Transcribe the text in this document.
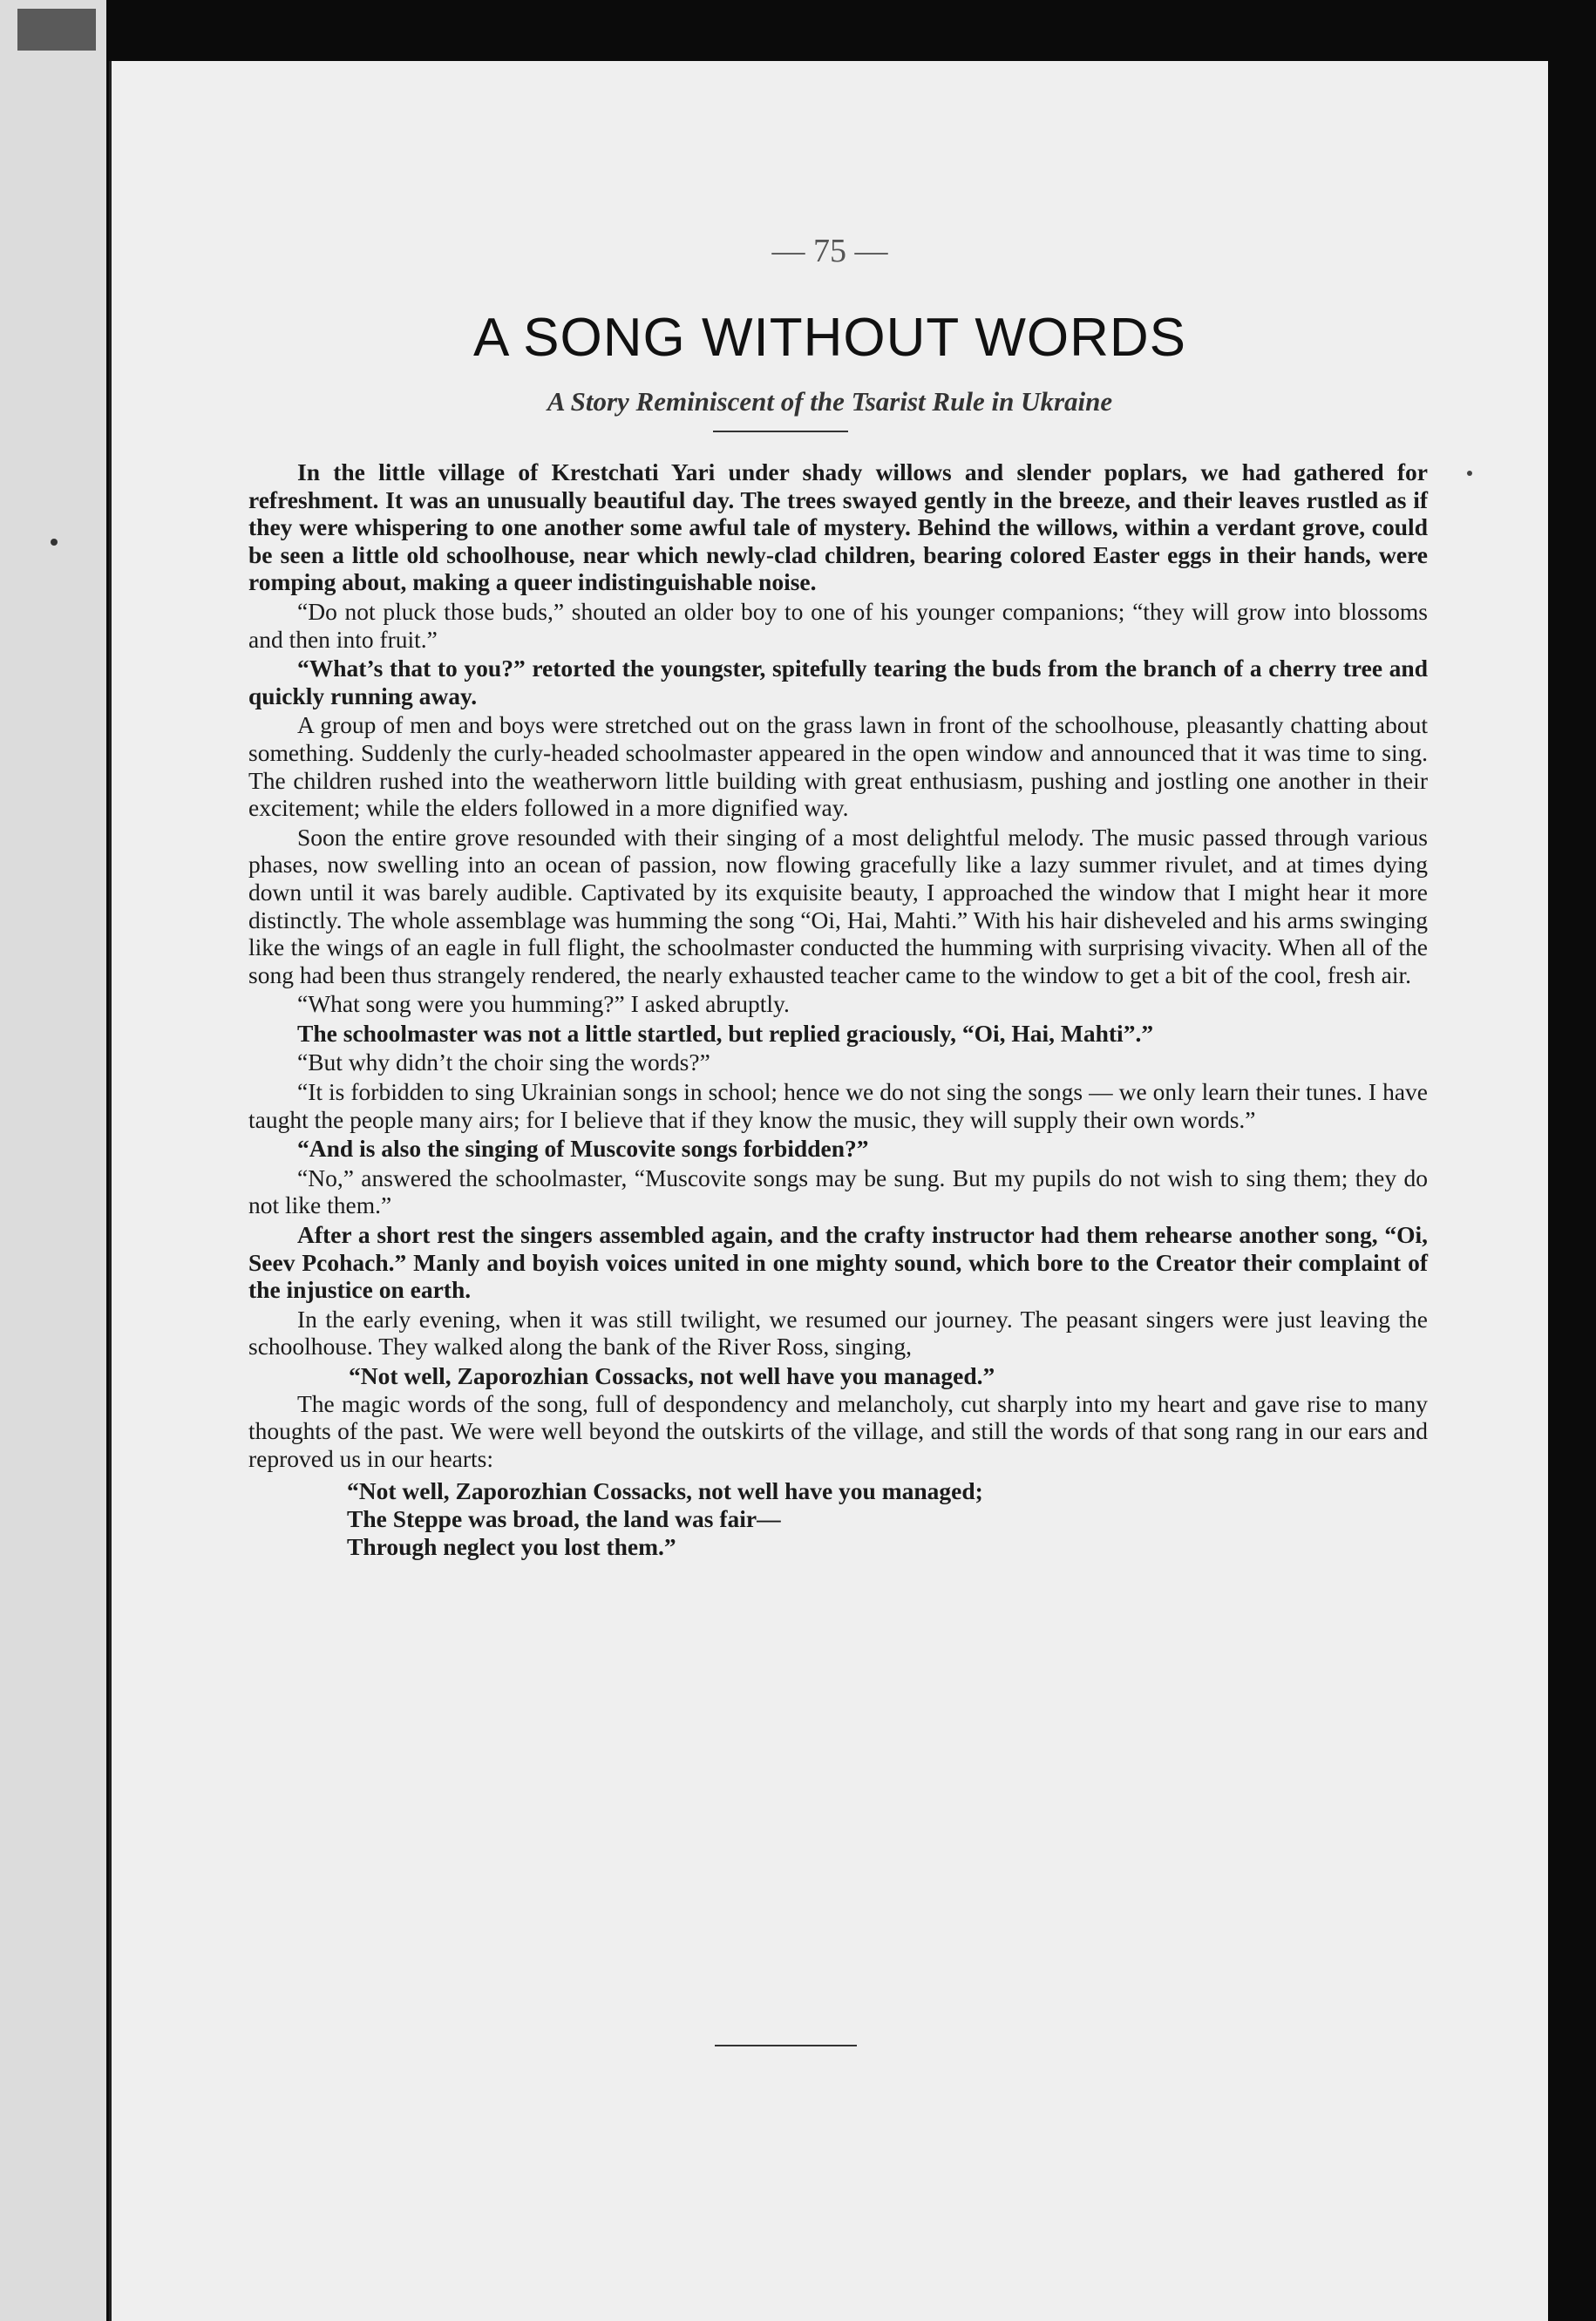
— 75 —
A SONG WITHOUT WORDS
A Story Reminiscent of the Tsarist Rule in Ukraine

In the little village of Krestchati Yari under shady willows and slender poplars, we had gathered for refreshment. It was an unusually beautiful day. The trees swayed gently in the breeze, and their leaves rustled as if they were whispering to one another some awful tale of mystery. Behind the willows, within a verdant grove, could be seen a little old schoolhouse, near which newly-clad children, bearing colored Easter eggs in their hands, were romping about, making a queer indistinguishable noise.

“Do not pluck those buds,” shouted an older boy to one of his younger companions; “they will grow into blossoms and then into fruit.”

“What’s that to you?” retorted the youngster, spitefully tearing the buds from the branch of a cherry tree and quickly running away.

A group of men and boys were stretched out on the grass lawn in front of the schoolhouse, pleasantly chatting about something. Suddenly the curly-headed schoolmaster appeared in the open window and announced that it was time to sing. The children rushed into the weatherworn little building with great enthusiasm, pushing and jostling one another in their excitement; while the elders followed in a more dignified way.

Soon the entire grove resounded with their singing of a most delightful melody. The music passed through various phases, now swelling into an ocean of passion, now flowing gracefully like a lazy summer rivulet, and at times dying down until it was barely audible. Captivated by its exquisite beauty, I approached the window that I might hear it more distinctly. The whole assemblage was humming the song “Oi, Hai, Mahti.” With his hair disheveled and his arms swinging like the wings of an eagle in full flight, the schoolmaster conducted the humming with surprising vivacity. When all of the song had been thus strangely rendered, the nearly exhausted teacher came to the window to get a bit of the cool, fresh air.

“What song were you humming?” I asked abruptly.

The schoolmaster was not a little startled, but replied graciously, “Oi, Hai, Mahti”.”

“But why didn’t the choir sing the words?”

“It is forbidden to sing Ukrainian songs in school; hence we do not sing the songs — we only learn their tunes. I have taught the people many airs; for I believe that if they know the music, they will supply their own words.”

“And is also the singing of Muscovite songs forbidden?”

“No,” answered the schoolmaster, “Muscovite songs may be sung. But my pupils do not wish to sing them; they do not like them.”

After a short rest the singers assembled again, and the crafty instructor had them rehearse another song, “Oi, Seev Pcohach.” Manly and boyish voices united in one mighty sound, which bore to the Creator their complaint of the injustice on earth.

In the early evening, when it was still twilight, we resumed our journey. The peasant singers were just leaving the schoolhouse. They walked along the bank of the River Ross, singing,

“Not well, Zaporozhian Cossacks, not well have you managed.”

The magic words of the song, full of despondency and melancholy, cut sharply into my heart and gave rise to many thoughts of the past. We were well beyond the outskirts of the village, and still the words of that song rang in our ears and reproved us in our hearts:

“Not well, Zaporozhian Cossacks, not well have you managed;

The Steppe was broad, the land was fair—

Through neglect you lost them.”
